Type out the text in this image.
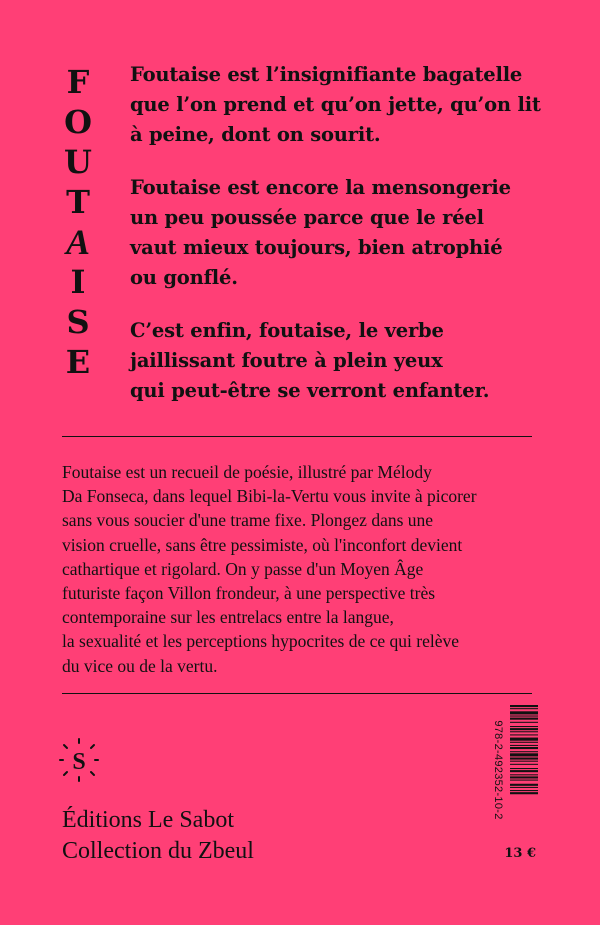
F
O
U
T
A
I
S
E

Foutaise est l’insignifiante bagatelle
que l’on prend et qu’on jette, qu’on lit
à peine, dont on sourit.

Foutaise est encore la mensongerie
un peu poussée parce que le réel
vaut mieux toujours, bien atrophié
ou gonflé.

C’est enfin, foutaise, le verbe
jaillissant foutre à plein yeux
qui peut-être se verront enfanter.

Foutaise est un recueil de poésie, illustré par Mélody
Da Fonseca, dans lequel Bibi-la-Vertu vous invite à picorer
sans vous soucier d'une trame fixe. Plongez dans une
vision cruelle, sans être pessimiste, où l'inconfort devient
cathartique et rigolard. On y passe d'un Moyen Âge
futuriste façon Villon frondeur, à une perspective très
contemporaine sur les entrelacs entre la langue,
la sexualité et les perceptions hypocrites de ce qui relève
du vice ou de la vertu.
S
Éditions Le Sabot
Collection du Zbeul
978-2-492352-10-2
13 €
